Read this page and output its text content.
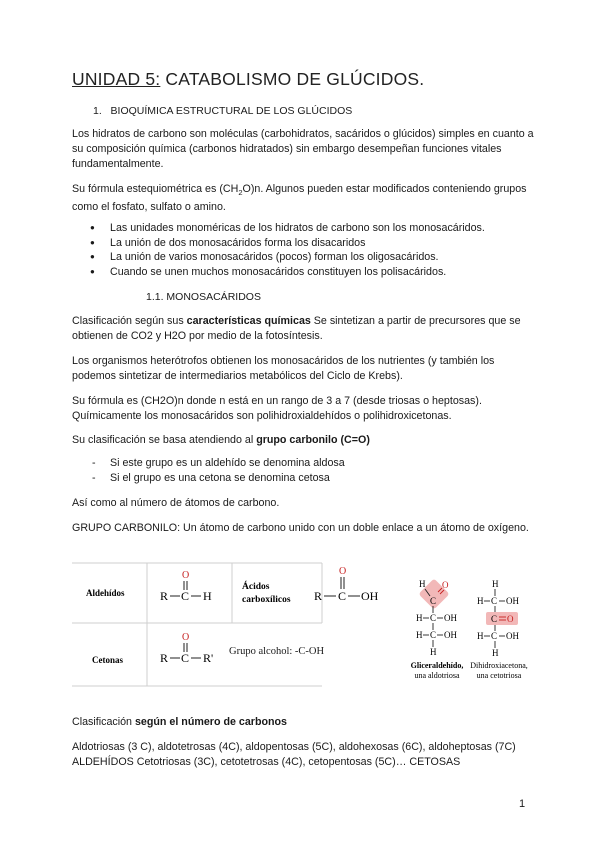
UNIDAD 5: CATABOLISMO DE GLÚCIDOS.
1. BIOQUÍMICA ESTRUCTURAL DE LOS GLÚCIDOS
Los hidratos de carbono son moléculas (carbohidratos, sacáridos o glúcidos) simples en cuanto a su composición química (carbonos hidratados) sin embargo desempeñan funciones vitales fundamentalmente.
Su fórmula estequiométrica es $(CH_2O)n$. Algunos pueden estar modificados conteniendo grupos como el fosfato, sulfato o amino.
● Las unidades monoméricas de los hidratos de carbono son los monosacáridos.
● La unión de dos monosacáridos forma los disacaridos
● La unión de varios monosacáridos (pocos) forman los oligosacáridos.
● Cuando se unen muchos monosacáridos constituyen los polisacáridos.
1.1. MONOSACÁRIDOS
Clasificación según sus características químicas Se sintetizan a partir de precursores que se obtienen de CO2 y H2O por medio de la fotosíntesis.
Los organismos heterótrofos obtienen los monosacáridos de los nutrientes (y también los podemos sintetizar de intermediarios metabólicos del Ciclo de Krebs).
Su fórmula es (CH2O)n donde n está en un rango de 3 a 7 (desde triosas o heptosas). Químicamente los monosacáridos son polihidroxialdehídos o polihidroxicetonas.
Su clasificación se basa atendiendo al grupo carbonilo (C=O)
- Si este grupo es un aldehído se denomina aldosa
- Si el grupo es una cetona se denomina cetosa
Así como al número de átomos de carbono.
GRUPO CARBONILO: Un átomo de carbono unido con un doble enlace a un átomo de oxígeno.
Aldehídos
Cetonas
Ácidos
carboxílicos
Grupo alcohol: -C-OH
O
R C H
O
R C R'
O
R C OH
H O
C
H C OH
H C OH
H
Gliceraldehído,
una aldotriosa
H
H C OH
C O
H C OH
H
Dihidroxiacetona,
una cetotriosa
Clasificación según el número de carbonos
Aldotriosas (3 C), aldotetrosas (4C), aldopentosas (5C), aldohexosas (6C), aldoheptosas (7C) ALDEHÍDOS Cetotriosas (3C), cetotetrosas (4C), cetopentosas (5C)… CETOSAS
1
